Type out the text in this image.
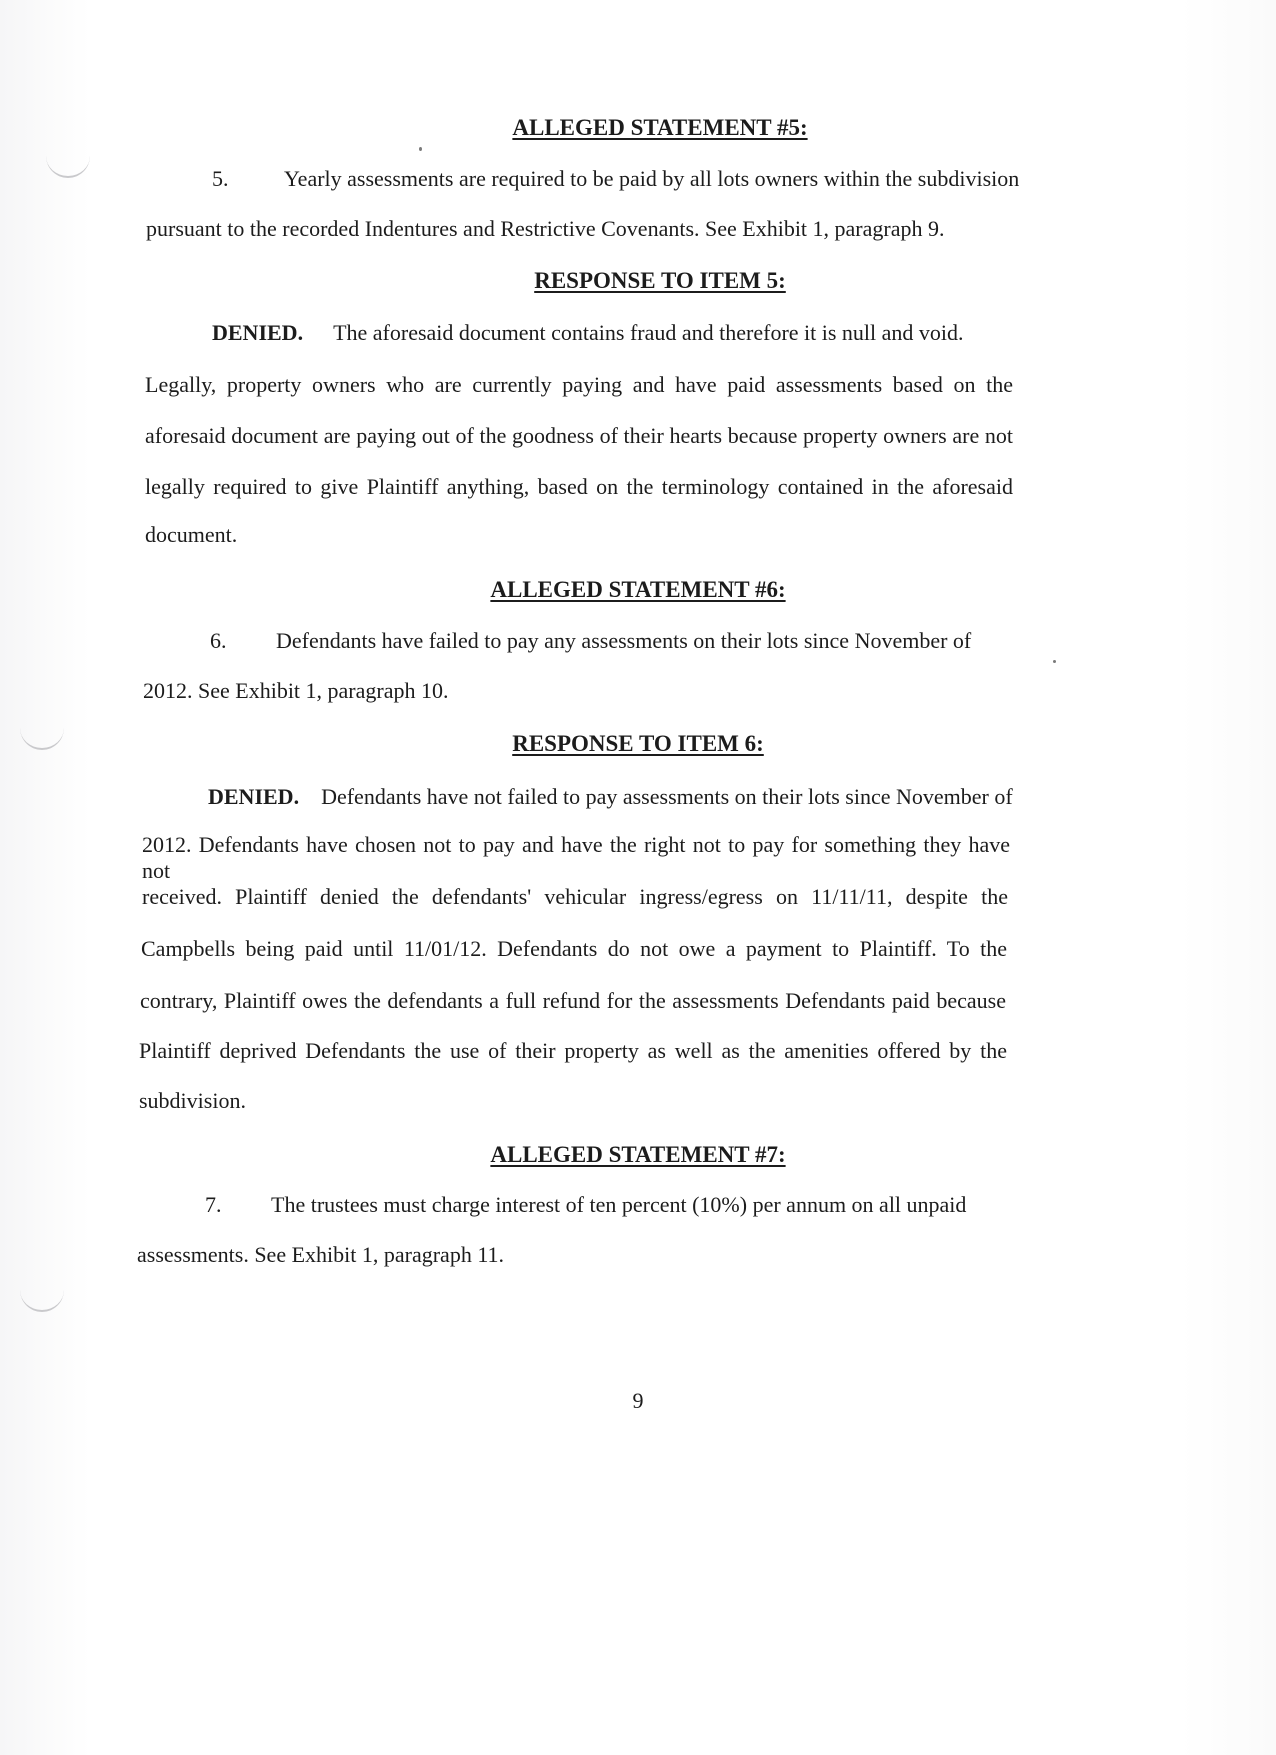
ALLEGED STATEMENT #5:
5.	Yearly assessments are required to be paid by all lots owners within the subdivision
pursuant to the recorded Indentures and Restrictive Covenants. See Exhibit 1, paragraph 9.
RESPONSE TO ITEM 5:
DENIED. The aforesaid document contains fraud and therefore it is null and void.
Legally, property owners who are currently paying and have paid assessments based on the
aforesaid document are paying out of the goodness of their hearts because property owners are not
legally required to give Plaintiff anything, based on the terminology contained in the aforesaid
document.
ALLEGED STATEMENT #6:
6. Defendants have failed to pay any assessments on their lots since November of
2012. See Exhibit 1, paragraph 10.
RESPONSE TO ITEM 6:
DENIED. Defendants have not failed to pay assessments on their lots since November of
2012. Defendants have chosen not to pay and have the right not to pay for something they have not
received. Plaintiff denied the defendants' vehicular ingress/egress on 11/11/11, despite the
Campbells being paid until 11/01/12. Defendants do not owe a payment to Plaintiff. To the
contrary, Plaintiff owes the defendants a full refund for the assessments Defendants paid because
Plaintiff deprived Defendants the use of their property as well as the amenities offered by the
subdivision.
ALLEGED STATEMENT #7:
7. The trustees must charge interest of ten percent (10%) per annum on all unpaid
assessments. See Exhibit 1, paragraph 11.
9
